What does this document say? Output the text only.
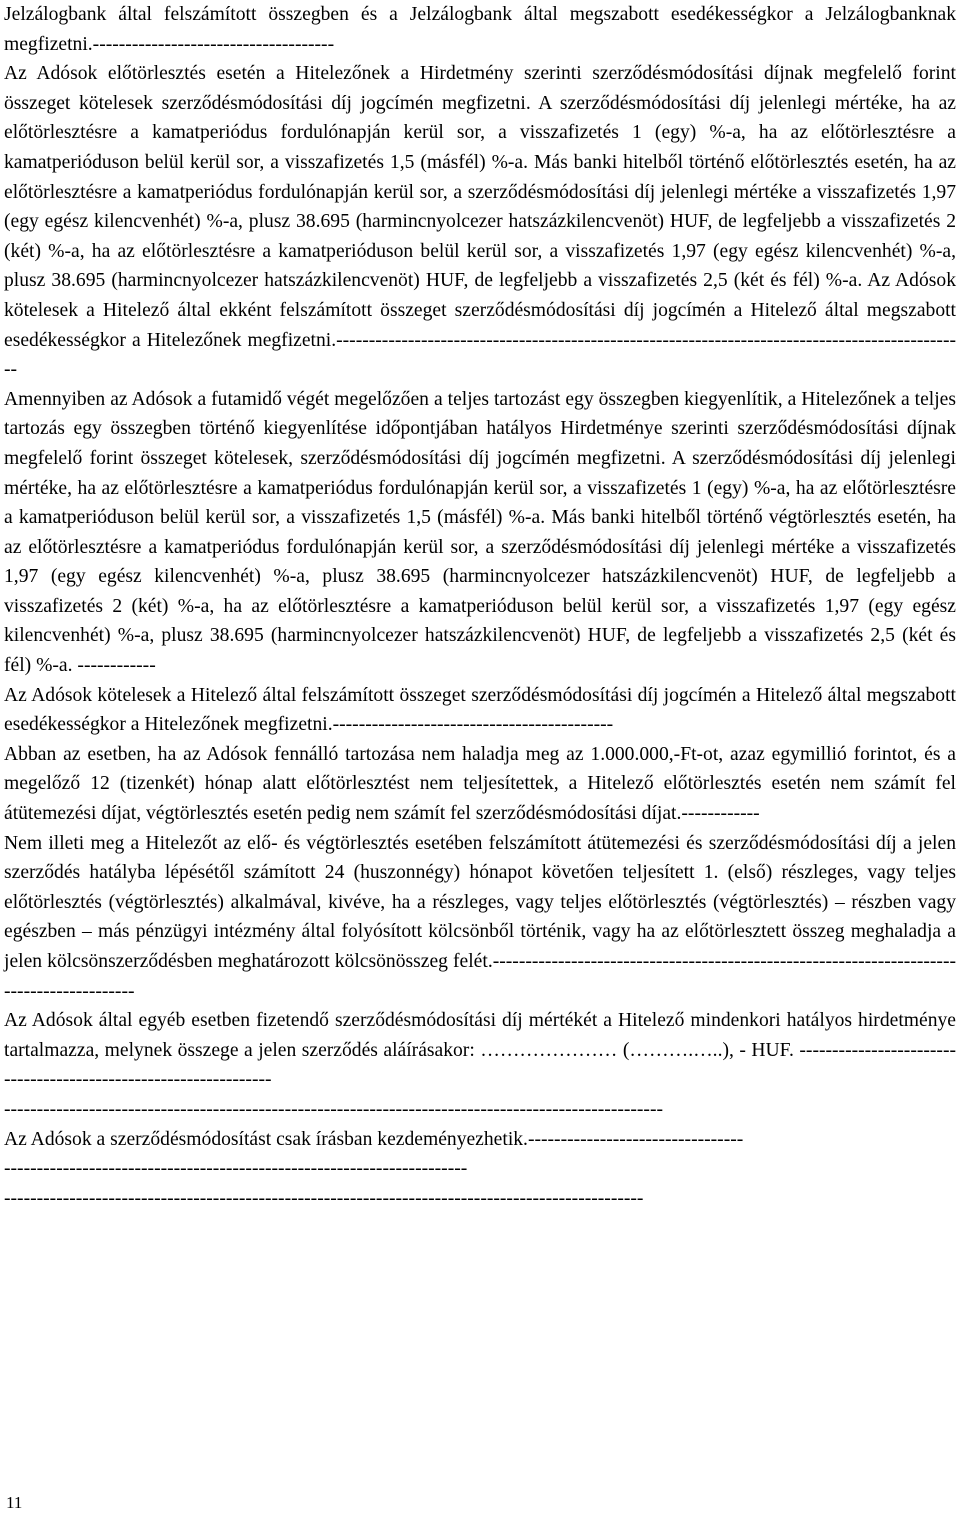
Jelzálogbank által felszámított összegben és a Jelzálogbank által megszabott esedékességkor a Jelzálogbanknak megfizetni.-------------------------------------

Az Adósok előtörlesztés esetén a Hitelezőnek a Hirdetmény szerinti szerződésmódosítási díjnak megfelelő forint összeget kötelesek szerződésmódosítási díj jogcímén megfizetni. A szerződésmódosítási díj jelenlegi mértéke, ha az előtörlesztésre a kamatperiódus fordulónapján kerül sor, a visszafizetés 1 (egy) %-a, ha az előtörlesztésre a kamatperióduson belül kerül sor, a visszafizetés 1,5 (másfél) %-a. Más banki hitelből történő előtörlesztés esetén, ha az előtörlesztésre a kamatperiódus fordulónapján kerül sor, a szerződésmódosítási díj jelenlegi mértéke a visszafizetés 1,97 (egy egész kilencvenhét) %-a, plusz 38.695 (harmincnyolcezer hatszázkilencvenöt) HUF, de legfeljebb a visszafizetés 2 (két) %-a, ha az előtörlesztésre a kamatperióduson belül kerül sor, a visszafizetés 1,97 (egy egész kilencvenhét) %-a, plusz 38.695 (harmincnyolcezer hatszázkilencvenöt) HUF, de legfeljebb a visszafizetés 2,5 (két és fél) %-a. Az Adósok kötelesek a Hitelező által ekként felszámított összeget szerződésmódosítási díj jogcímén a Hitelező által megszabott esedékességkor a Hitelezőnek megfizetni.-------------------------------------------------------------------------------------------------

Amennyiben az Adósok a futamidő végét megelőzően a teljes tartozást egy összegben kiegyenlítik, a Hitelezőnek a teljes tartozás egy összegben történő kiegyenlítése időpontjában hatályos Hirdetménye szerinti szerződésmódosítási díjnak megfelelő forint összeget kötelesek, szerződésmódosítási díj jogcímén megfizetni. A szerződésmódosítási díj jelenlegi mértéke, ha az előtörlesztésre a kamatperiódus fordulónapján kerül sor, a visszafizetés 1 (egy) %-a, ha az előtörlesztésre a kamatperióduson belül kerül sor, a visszafizetés 1,5 (másfél) %-a. Más banki hitelből történő végtörlesztés esetén, ha az előtörlesztésre a kamatperiódus fordulónapján kerül sor, a szerződésmódosítási díj jelenlegi mértéke a visszafizetés 1,97 (egy egész kilencvenhét) %-a, plusz 38.695 (harmincnyolcezer hatszázkilencvenöt) HUF, de legfeljebb a visszafizetés 2 (két) %-a, ha az előtörlesztésre a kamatperióduson belül kerül sor, a visszafizetés 1,97 (egy egész kilencvenhét) %-a, plusz 38.695 (harmincnyolcezer hatszázkilencvenöt) HUF, de legfeljebb a visszafizetés 2,5 (két és fél) %-a. ------------

Az Adósok kötelesek a Hitelező által felszámított összeget szerződésmódosítási díj jogcímén a Hitelező által megszabott esedékességkor a Hitelezőnek megfizetni.-------------------------------------------

Abban az esetben, ha az Adósok fennálló tartozása nem haladja meg az 1.000.000,-Ft-ot, azaz egymillió forintot, és a megelőző 12 (tizenkét) hónap alatt előtörlesztést nem teljesítettek, a Hitelező előtörlesztés esetén nem számít fel átütemezési díjat, végtörlesztés esetén pedig nem számít fel szerződésmódosítási díjat.------------

Nem illeti meg a Hitelezőt az elő- és végtörlesztés esetében felszámított átütemezési és szerződésmódosítási díj a jelen szerződés hatályba lépésétől számított 24 (huszonnégy) hónapot követően teljesített 1. (első) részleges, vagy teljes előtörlesztés (végtörlesztés) alkalmával, kivéve, ha a részleges, vagy teljes előtörlesztés (végtörlesztés) – részben vagy egészben – más pénzügyi intézmény által folyósított kölcsönből történik, vagy ha az előtörlesztett összeg meghaladja a jelen kölcsönszerződésben meghatározott kölcsönösszeg felét.-------------------------------------------------------------------------------------------

Az Adósok által egyéb esetben fizetendő szerződésmódosítási díj mértékét a Hitelező mindenkori hatályos hirdetménye tartalmazza, melynek összege a jelen szerződés aláírásakor: ………………… (……….…..), - HUF. -----------------------------------------------------------------

-----------------------------------------------------------------------------------------------------

Az Adósok a szerződésmódosítást csak írásban kezdeményezhetik.---------------------------------

-----------------------------------------------------------------------

--------------------------------------------------------------------------------------------------

11
